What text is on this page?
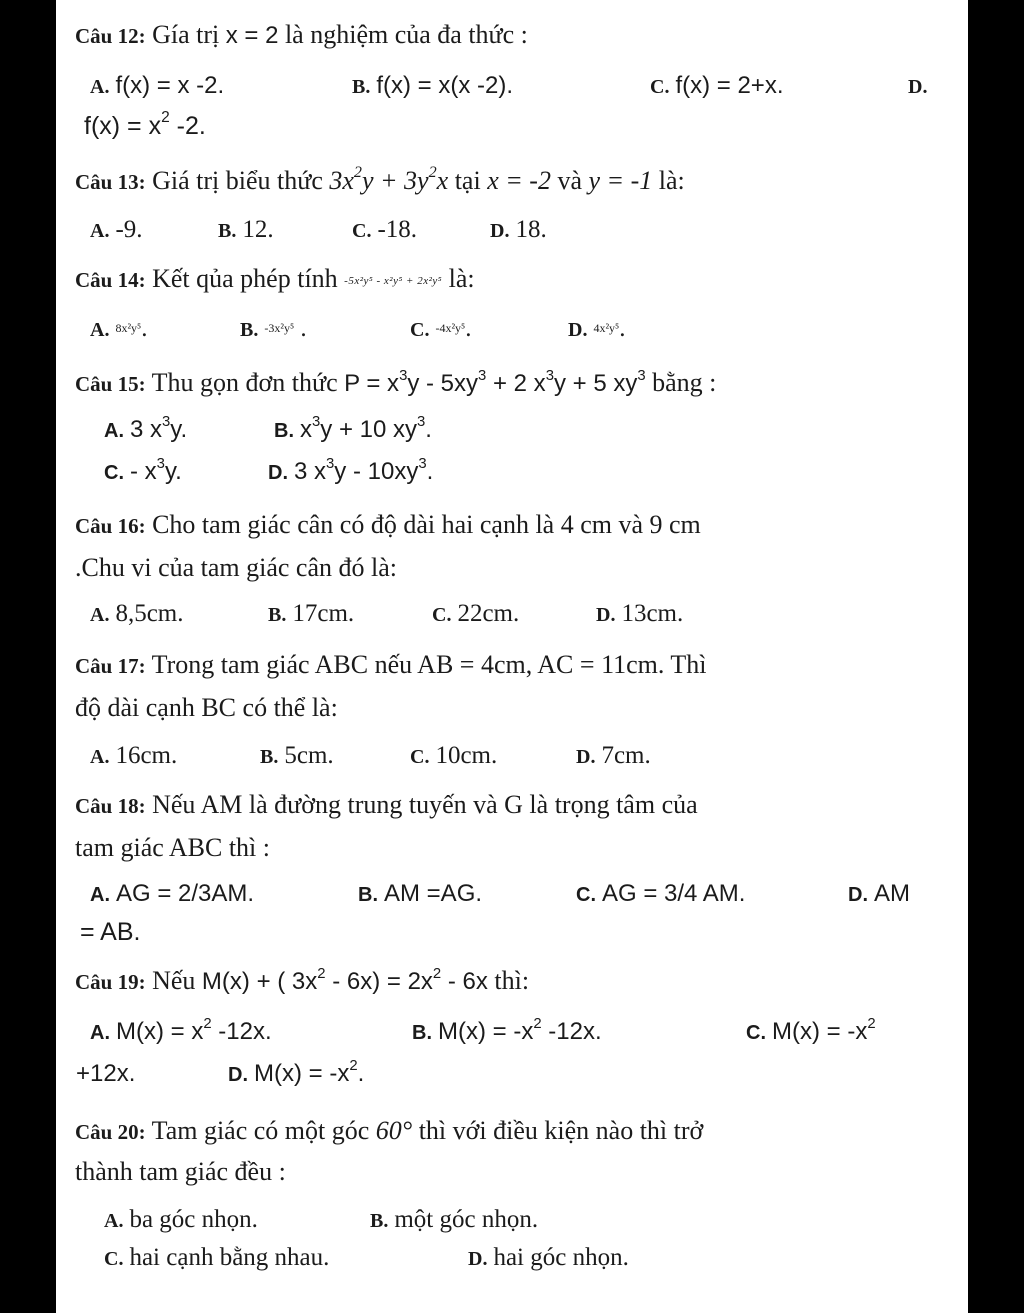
Câu 12: Gía trị x = 2 là nghiệm của đa thức :
A. f(x) = x -2.	B. f(x) = x(x -2).	C. f(x) = 2+x.	D.
$f(x) = x^2$ -2.
Câu 13: Giá trị biểu thức $3x^2y + 3y^2x$ tại x = -2 và y = -1 là:
A. -9.	B. 12.	C. -18.	D. 18.
Câu 14: Kết qủa phép tính -5x²y⁵ - x²y⁵ + 2x²y⁵ là:
A. 8x²y⁵.	B. -3x²y⁵ .	C. -4x²y⁵.	D. 4x²y⁵.
Câu 15: Thu gọn đơn thức $P = x^3y - 5xy^3 + 2$ $x^3y + 5$ $xy^3$ bằng :
A. 3 $x^3y$.	B. $x^3y + 10$ $xy^3$.
C. - $x^3y$.	D. 3 $x^3y - 10xy^3$.
Câu 16: Cho tam giác cân có độ dài hai cạnh là 4 cm và 9 cm
.Chu vi của tam giác cân đó là:
A. 8,5cm.	B. 17cm.	C. 22cm.	D. 13cm.
Câu 17: Trong tam giác ABC nếu AB = 4cm, AC = 11cm. Thì
độ dài cạnh BC có thể là:
A. 16cm.	B. 5cm.	C. 10cm.	D. 7cm.
Câu 18: Nếu AM là đường trung tuyến và G là trọng tâm của
tam giác ABC thì :
A. AG = 2/3AM.	B. AM =AG.	C. AG = 3/4 AM.	D. AM
= AB.
Câu 19: Nếu M(x) + ( $3x^2 - 6x) = 2x^2 - 6x$ thì:
A. $M(x) = x^2$ -12x.	B. $M(x) = -x^2$ -12x.	C. $M(x) = -x^2$
+12x.	D. $M(x) = -x^2$.
Câu 20: Tam giác có một góc 60° thì với điều kiện nào thì trở
thành tam giác đều :
A. ba góc nhọn.	B. một góc nhọn.
C. hai cạnh bằng nhau.	D. hai góc nhọn.
